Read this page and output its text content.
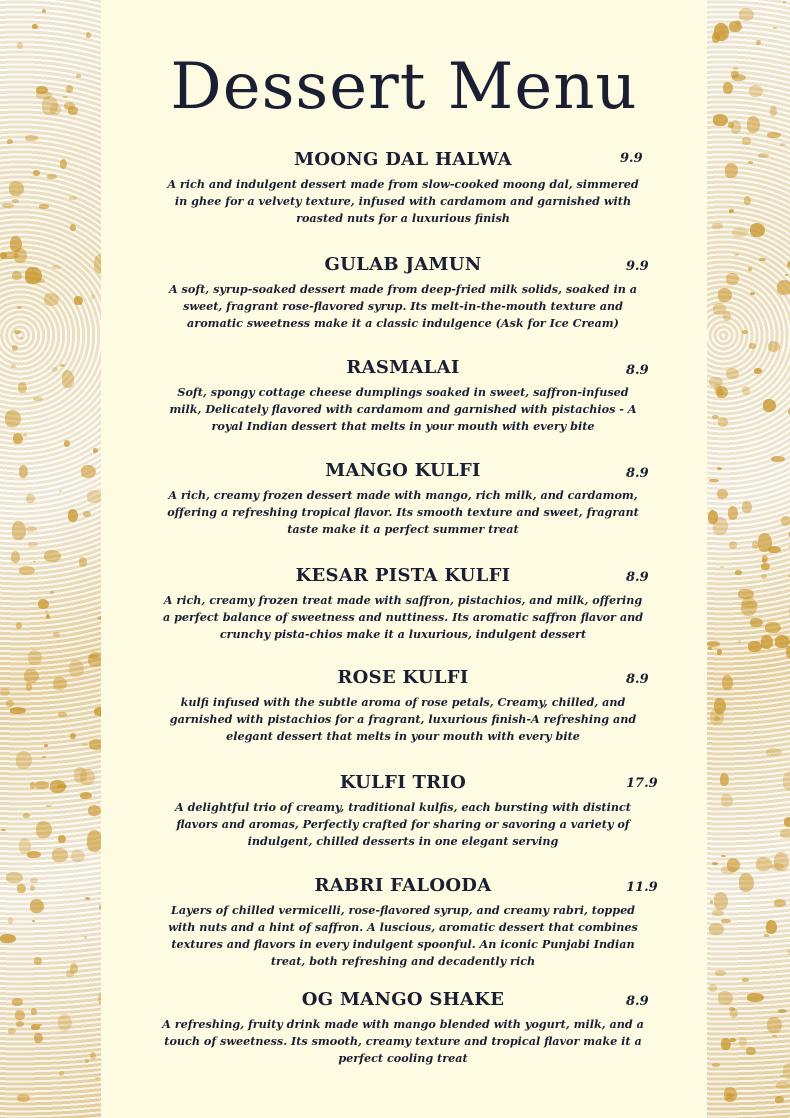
Dessert Menu
MOONG DAL HALWA	9.9
A rich and indulgent dessert made from slow-cooked moong dal, simmered in ghee for a velvety texture, infused with cardamom and garnished with roasted nuts for a luxurious finish
GULAB JAMUN	9.9
A soft, syrup-soaked dessert made from deep-fried milk solids, soaked in a sweet, fragrant rose-flavored syrup. Its melt-in-the-mouth texture and aromatic sweetness make it a classic indulgence (Ask for Ice Cream)
RASMALAI	8.9
Soft, spongy cottage cheese dumplings soaked in sweet, saffron-infused milk, Delicately flavored with cardamom and garnished with pistachios - A royal Indian dessert that melts in your mouth with every bite
MANGO KULFI	8.9
A rich, creamy frozen dessert made with mango, rich milk, and cardamom, offering a refreshing tropical flavor. Its smooth texture and sweet, fragrant taste make it a perfect summer treat
KESAR PISTA KULFI	8.9
A rich, creamy frozen treat made with saffron, pistachios, and milk, offering a perfect balance of sweetness and nuttiness. Its aromatic saffron flavor and crunchy pista-chios make it a luxurious, indulgent dessert
ROSE KULFI	8.9
kulfi infused with the subtle aroma of rose petals, Creamy, chilled, and garnished with pistachios for a fragrant, luxurious finish-A refreshing and elegant dessert that melts in your mouth with every bite
KULFI TRIO	17.9
A delightful trio of creamy, traditional kulfis, each bursting with distinct flavors and aromas, Perfectly crafted for sharing or savoring a variety of indulgent, chilled desserts in one elegant serving
RABRI FALOODA	11.9
Layers of chilled vermicelli, rose-flavored syrup, and creamy rabri, topped with nuts and a hint of saffron. A luscious, aromatic dessert that combines textures and flavors in every indulgent spoonful. An iconic Punjabi Indian treat, both refreshing and decadently rich
OG MANGO SHAKE	8.9
A refreshing, fruity drink made with mango blended with yogurt, milk, and a touch of sweetness. Its smooth, creamy texture and tropical flavor make it a perfect cooling treat
